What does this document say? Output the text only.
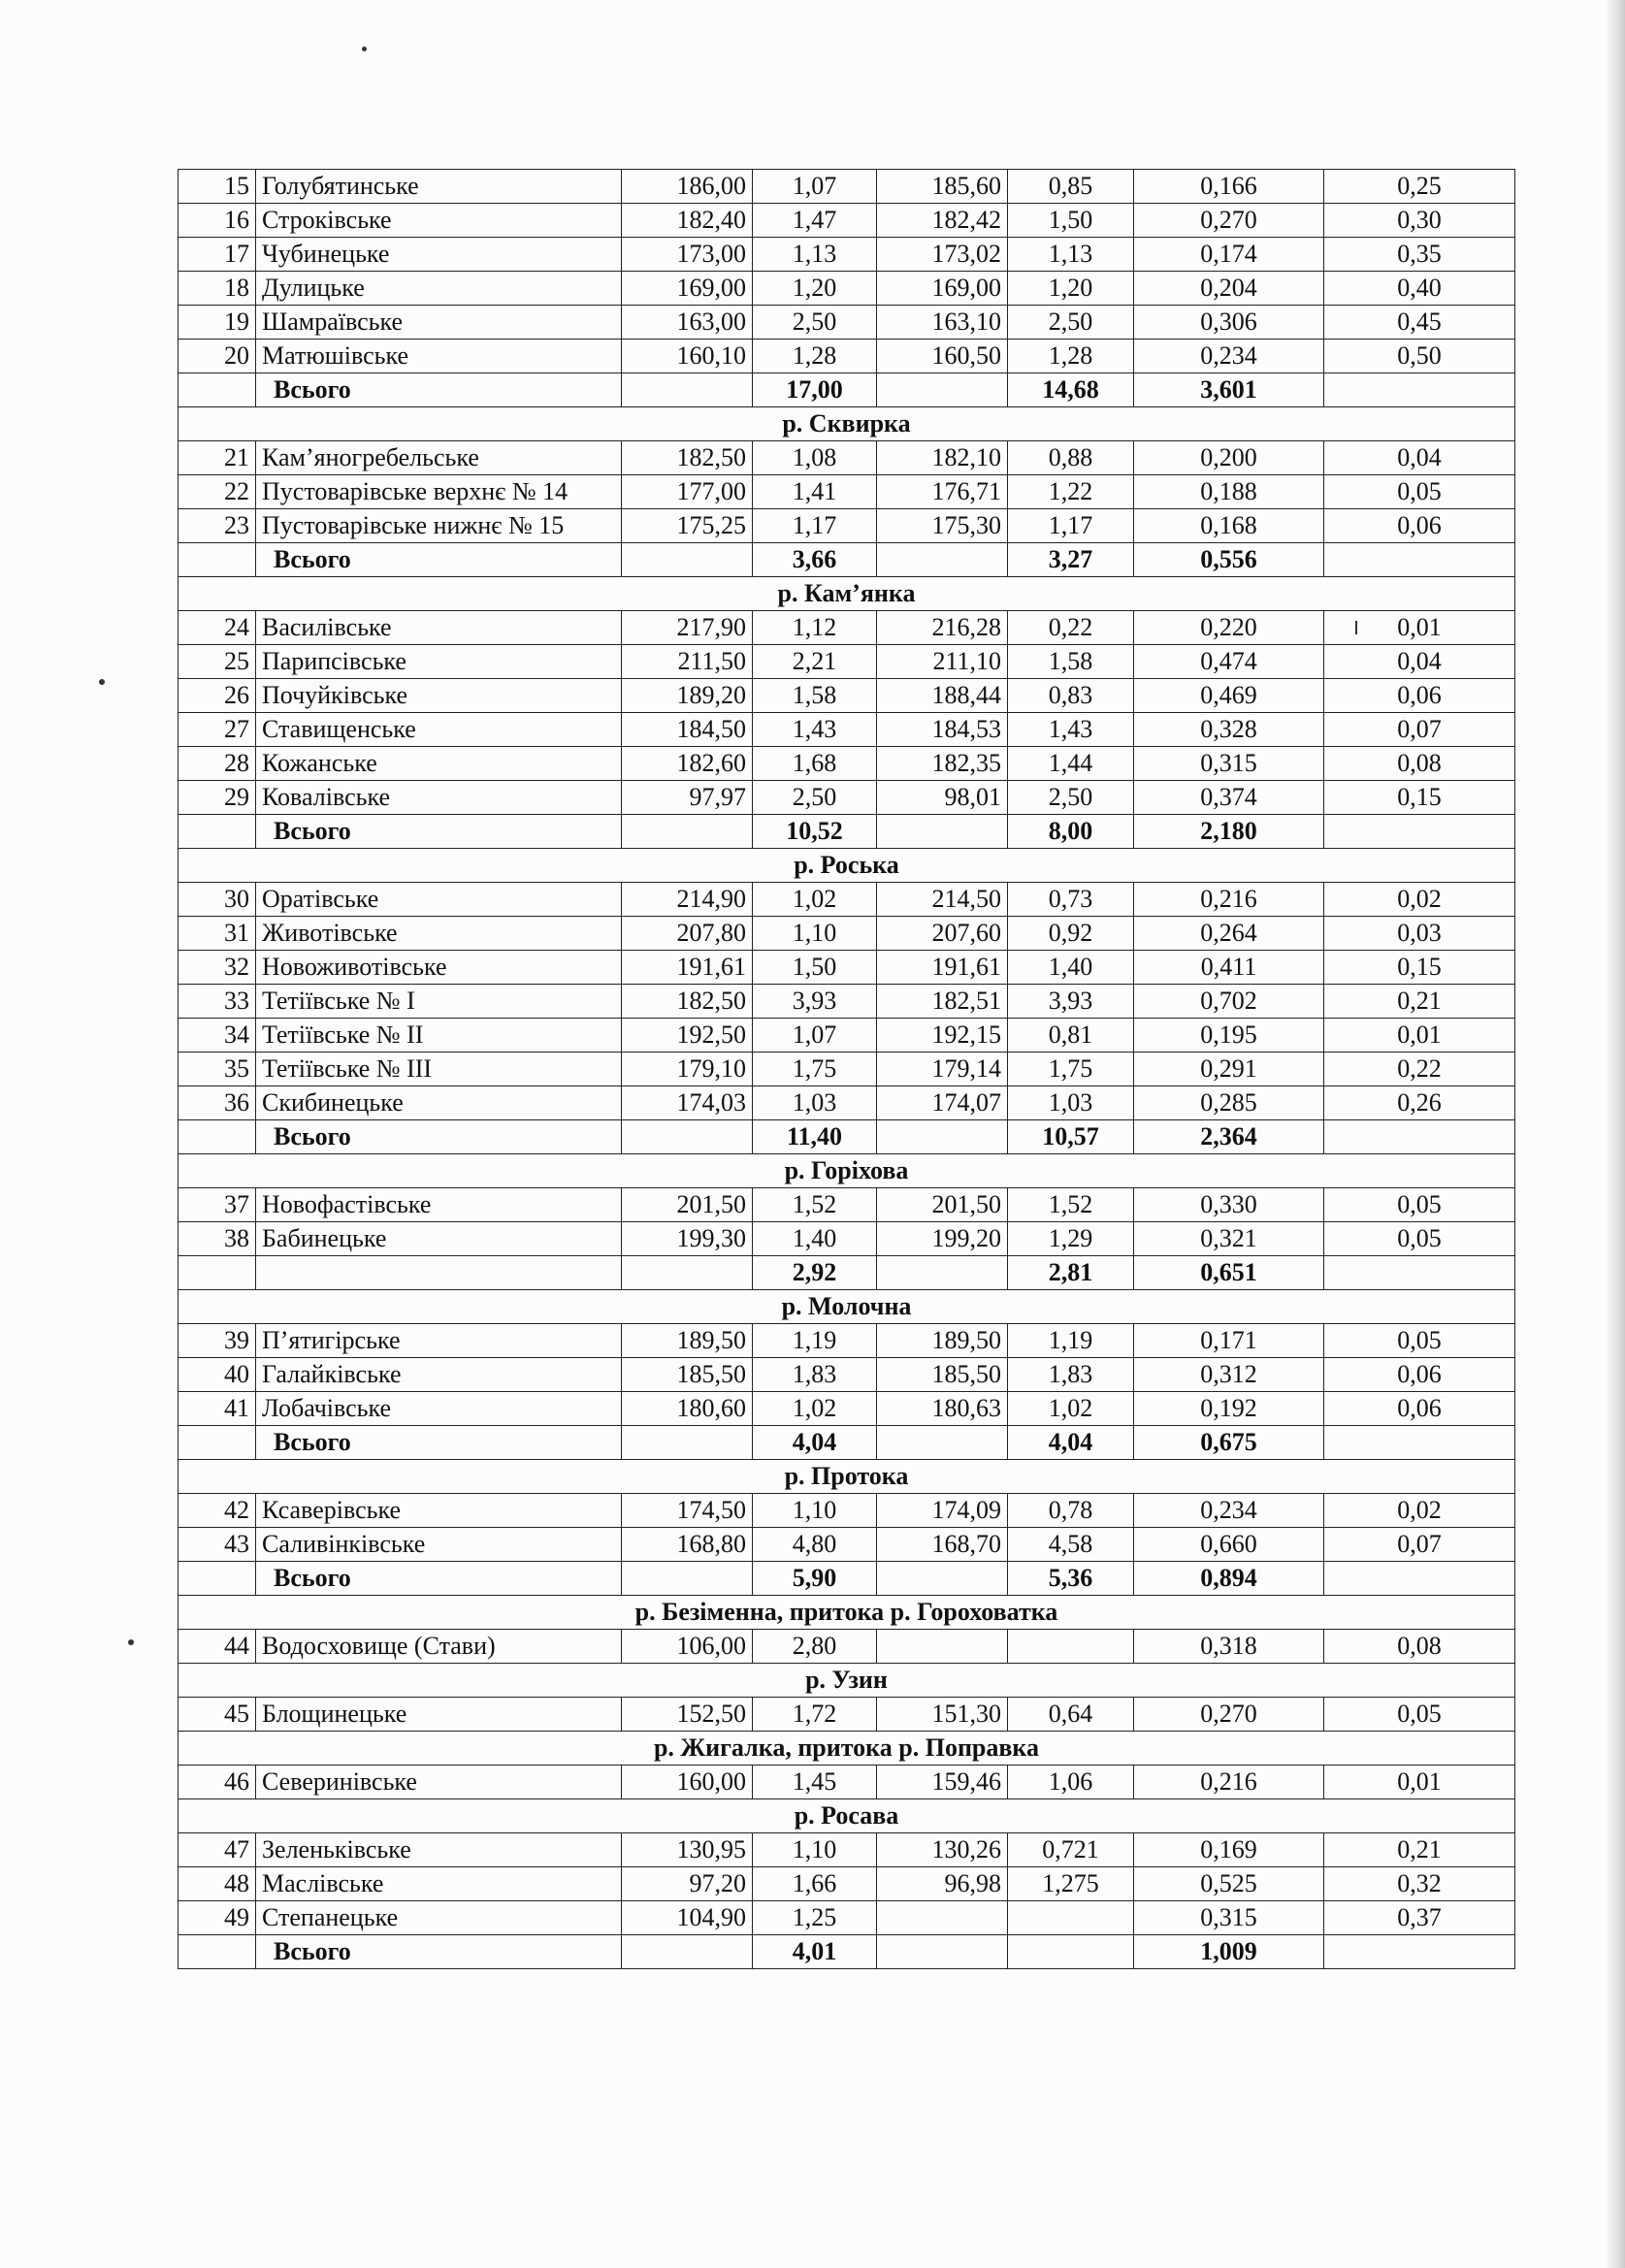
15	Голубятинське	186,00	1,07	185,60	0,85	0,166	0,25
16	Строківське	182,40	1,47	182,42	1,50	0,270	0,30
17	Чубинецьке	173,00	1,13	173,02	1,13	0,174	0,35
18	Дулицьке	169,00	1,20	169,00	1,20	0,204	0,40
19	Шамраївське	163,00	2,50	163,10	2,50	0,306	0,45
20	Матюшівське	160,10	1,28	160,50	1,28	0,234	0,50
	Всього		17,00		14,68	3,601	
р. Сквирка							
21	Кам’яногребельське	182,50	1,08	182,10	0,88	0,200	0,04
22	Пустоварівське верхнє № 14	177,00	1,41	176,71	1,22	0,188	0,05
23	Пустоварівське нижнє № 15	175,25	1,17	175,30	1,17	0,168	0,06
	Всього		3,66		3,27	0,556	
р. Кам’янка							
24	Василівське	217,90	1,12	216,28	0,22	0,220	0,01
25	Парипсівське	211,50	2,21	211,10	1,58	0,474	0,04
26	Почуйківське	189,20	1,58	188,44	0,83	0,469	0,06
27	Ставищенське	184,50	1,43	184,53	1,43	0,328	0,07
28	Кожанське	182,60	1,68	182,35	1,44	0,315	0,08
29	Ковалівське	97,97	2,50	98,01	2,50	0,374	0,15
	Всього		10,52		8,00	2,180	
р. Роська							
30	Оратівське	214,90	1,02	214,50	0,73	0,216	0,02
31	Животівське	207,80	1,10	207,60	0,92	0,264	0,03
32	Новоживотівське	191,61	1,50	191,61	1,40	0,411	0,15
33	Тетіївське № І	182,50	3,93	182,51	3,93	0,702	0,21
34	Тетіївське № ІІ	192,50	1,07	192,15	0,81	0,195	0,01
35	Тетіївське № ІІІ	179,10	1,75	179,14	1,75	0,291	0,22
36	Скибинецьке	174,03	1,03	174,07	1,03	0,285	0,26
	Всього		11,40		10,57	2,364	
р. Горіхова							
37	Новофастівське	201,50	1,52	201,50	1,52	0,330	0,05
38	Бабинецьке	199,30	1,40	199,20	1,29	0,321	0,05
			2,92		2,81	0,651	
р. Молочна							
39	П’ятигірське	189,50	1,19	189,50	1,19	0,171	0,05
40	Галайківське	185,50	1,83	185,50	1,83	0,312	0,06
41	Лобачівське	180,60	1,02	180,63	1,02	0,192	0,06
	Всього		4,04		4,04	0,675	
р. Протока							
42	Ксаверівське	174,50	1,10	174,09	0,78	0,234	0,02
43	Саливінківське	168,80	4,80	168,70	4,58	0,660	0,07
	Всього		5,90		5,36	0,894	
р. Безіменна, притока р. Гороховатка							
44	Водосховище (Стави)	106,00	2,80			0,318	0,08
р. Узин							
45	Блощинецьке	152,50	1,72	151,30	0,64	0,270	0,05
р. Жигалка, притока р. Поправка							
46	Северинівське	160,00	1,45	159,46	1,06	0,216	0,01
р. Росава							
47	Зеленьківське	130,95	1,10	130,26	0,721	0,169	0,21
48	Маслівське	97,20	1,66	96,98	1,275	0,525	0,32
49	Степанецьке	104,90	1,25			0,315	0,37
	Всього		4,01			1,009	
